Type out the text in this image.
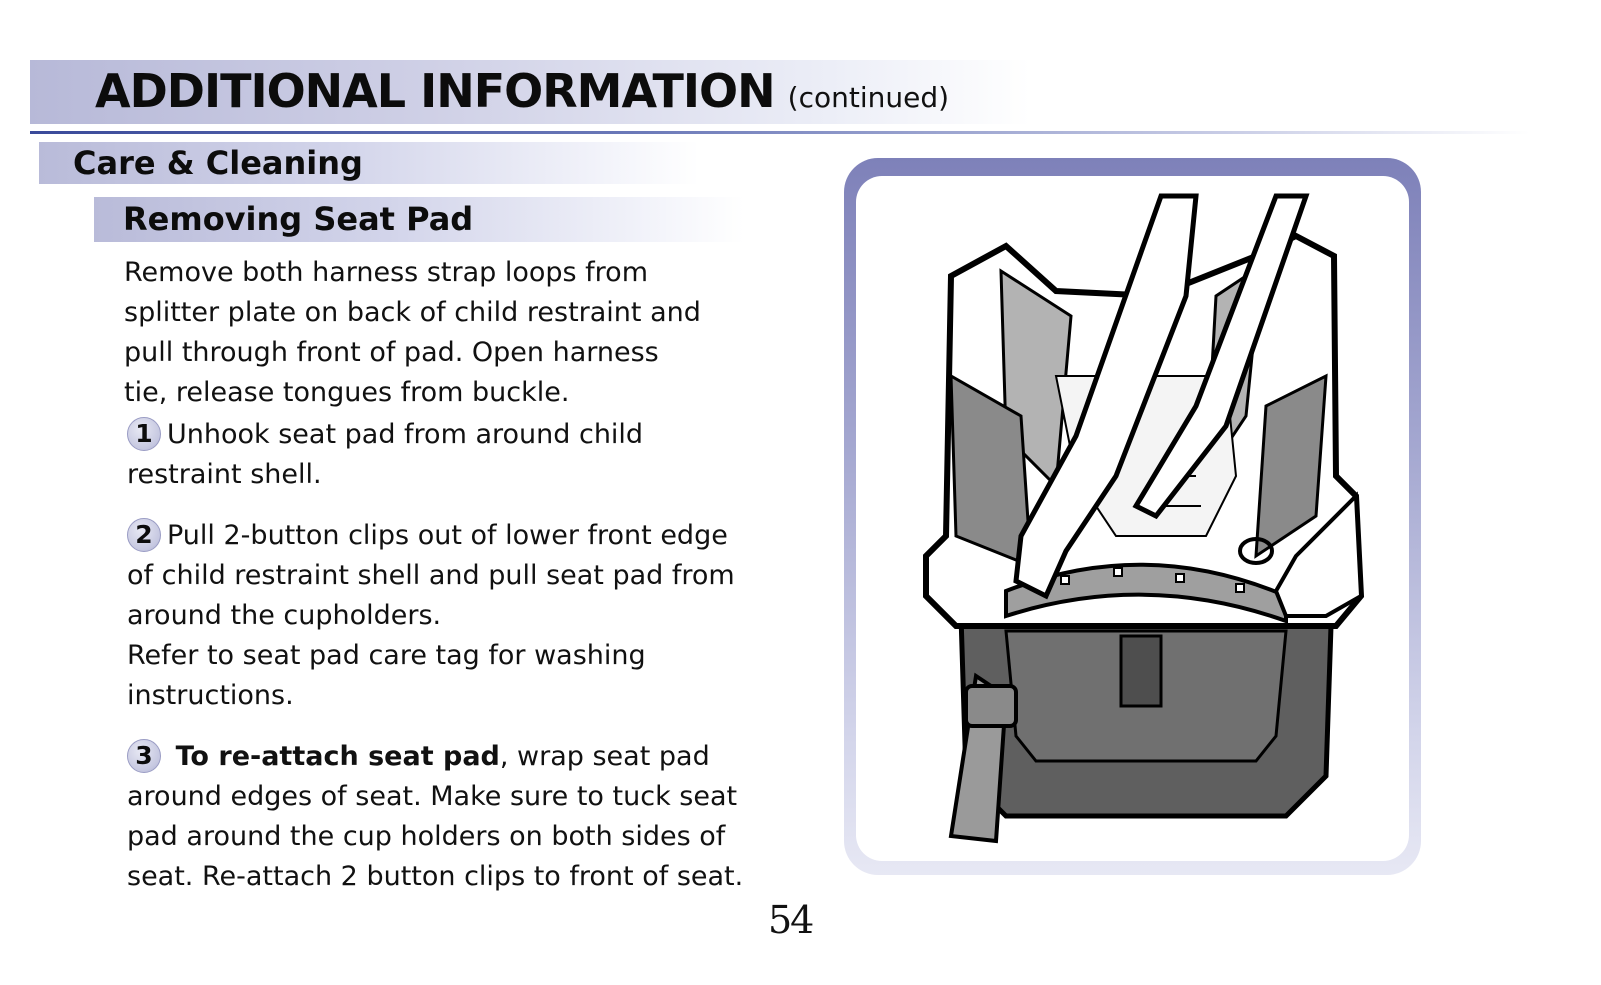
ADDITIONAL INFORMATION (continued)
Care & Cleaning
Removing Seat Pad
Remove both harness strap loops from
splitter plate on back of child restraint and
pull through front of pad. Open harness
tie, release tongues from buckle.
1 Unhook seat pad from around child
restraint shell.
2 Pull 2-button clips out of lower front edge
of child restraint shell and pull seat pad from
around the cupholders.
Refer to seat pad care tag for washing
instructions.
3 To re-attach seat pad, wrap seat pad
around edges of seat. Make sure to tuck seat
pad around the cup holders on both sides of
seat. Re-attach 2 button clips to front of seat.
54
